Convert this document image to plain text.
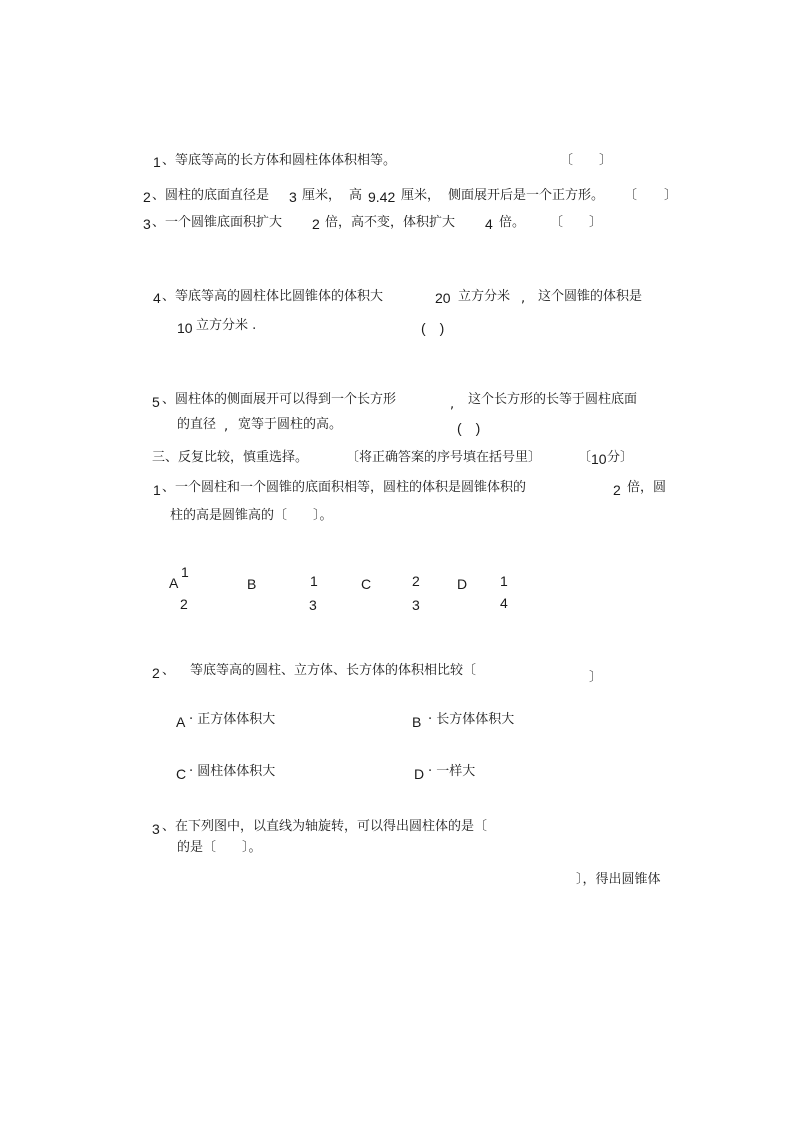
1 、等底等高的长方体和圆柱体体积相等。	〔　　〕
2 、圆柱的底面直径是 3 厘米， 高 9.42 厘米， 侧面展开后是一个正方形。 〔 〕
3 、一个圆锥底面积扩大 2 倍，高不变，体积扩大 4 倍。 〔　　〕
4 、等底等高的圆柱体比圆锥体的体积大	20 立方分米 , 这个圆锥的体积是
10 立方分米 .	(　)
5 、圆柱体的侧面展开可以得到一个长方形	, 这个长方形的长等于圆柱底面
的直径 , 宽等于圆柱的高。	(　)
三、反复比较，慎重选择。	〔将正确答案的序号填在括号里〕	〔 10 分〕
1 、一个圆柱和一个圆锥的底面积相等，圆柱的体积是圆锥体积的	2 倍，圆
柱的高是圆锥高的〔　　〕。
A
1
2
B	1
3
C	2
3
D 1
4
2 、 等底等高的圆柱、立方体、长方体的体积相比较〔	〕
A · 正方体体积大	B · 长方体体积大
C · 圆柱体体积大	D · 一样大
3 、在下列图中，以直线为轴旋转，可以得出圆柱体的是〔
的是〔　　〕。
〕，得出圆锥体
